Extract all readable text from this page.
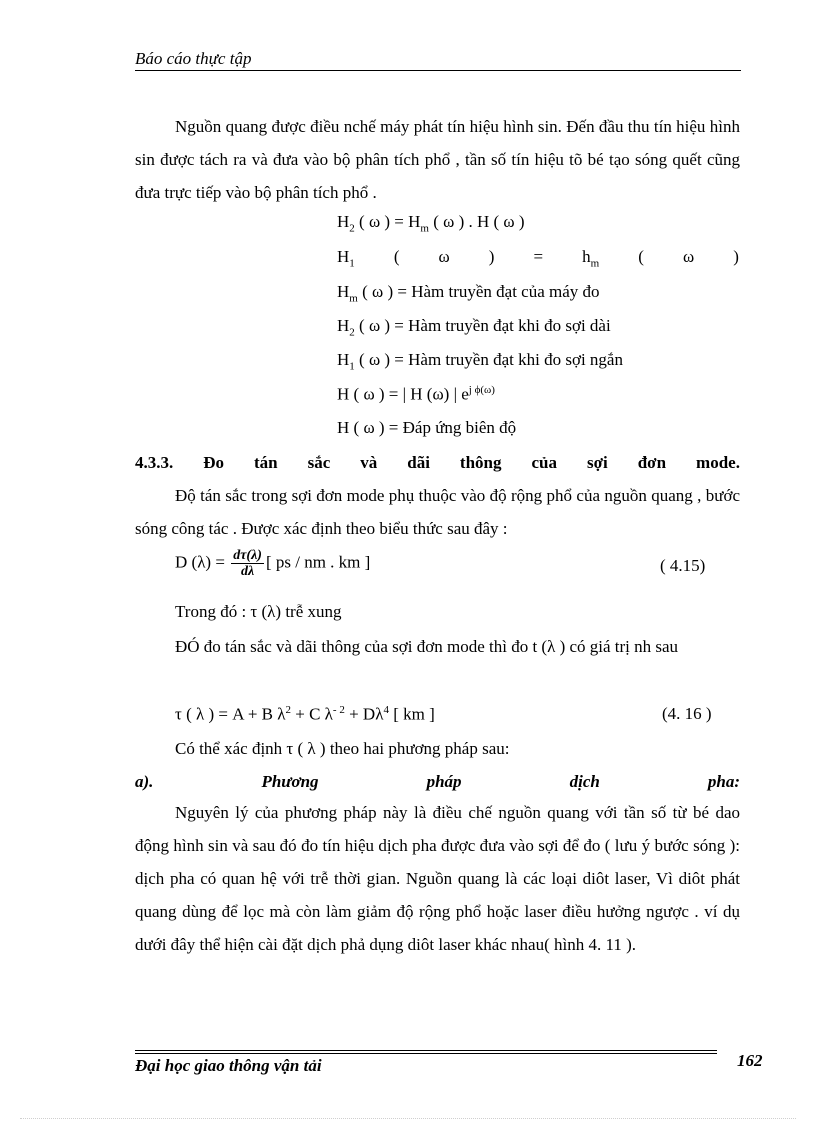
Báo cáo thực tập
Nguồn quang được điều nchế máy phát tín hiệu hình sin. Đến đầu thu tín hiệu hình sin được tách ra và đưa vào bộ phân tích phổ , tần số tín hiệu tõ bé tạo sóng quết cũng đưa trực tiếp vào bộ phân tích phổ .
$H_2$ ( ω ) = $H_m$ ( ω ) . H ( ω )
$H_1$ ( ω ) = $h_m$ ( ω )
$H_m$ ( ω ) = Hàm truyền đạt của máy đo
$H_2$ ( ω ) = Hàm truyền đạt khi đo sợi dài
$H_1$ ( ω ) = Hàm truyền đạt khi đo sợi ngắn
H ( ω ) = | H (ω) | $e^{j \phi(\omega)}$
H ( ω ) = Đáp ứng biên độ
4.3.3. Đo tán sắc và dãi thông của sợi đơn mode.
Độ tán sắc trong sợi đơn mode phụ thuộc vào độ rộng phổ của nguồn quang , bước sóng công tác . Được xác định theo biểu thức sau đây :
D $(\lambda) = \frac{d\tau(\lambda)}{d\lambda}$ [ ps / nm . km ]	( 4.15)
Trong đó : τ (λ) trễ xung
ĐÓ đo tán sắc và dãi thông của sợi đơn mode thì đo t (λ ) có giá trị nh sau
τ ( λ ) = A + B $\lambda^2 + C$ $\lambda^{- 2} + D\lambda^4$ [ km ]	(4. 16 )
Có thể xác định τ ( λ ) theo hai phương pháp sau:
a).	Phương	pháp	dịch	pha:
Nguyên lý của phương pháp này là điều chế nguồn quang với tần số từ bé dao động hình sin và sau đó đo tín hiệu dịch pha được đưa vào sợi để đo ( lưu ý bước sóng ): dịch pha có quan hệ với trễ thời gian. Nguồn quang là các loại diôt laser, Vì diôt phát quang dùng để lọc mà còn làm giảm độ rộng phổ hoặc laser điều hưởng ngược . ví dụ dưới đây thể hiện cài đặt dịch phả dụng diôt laser khác nhau( hình 4. 11 ).
Đại học giao thông vận tải	162
